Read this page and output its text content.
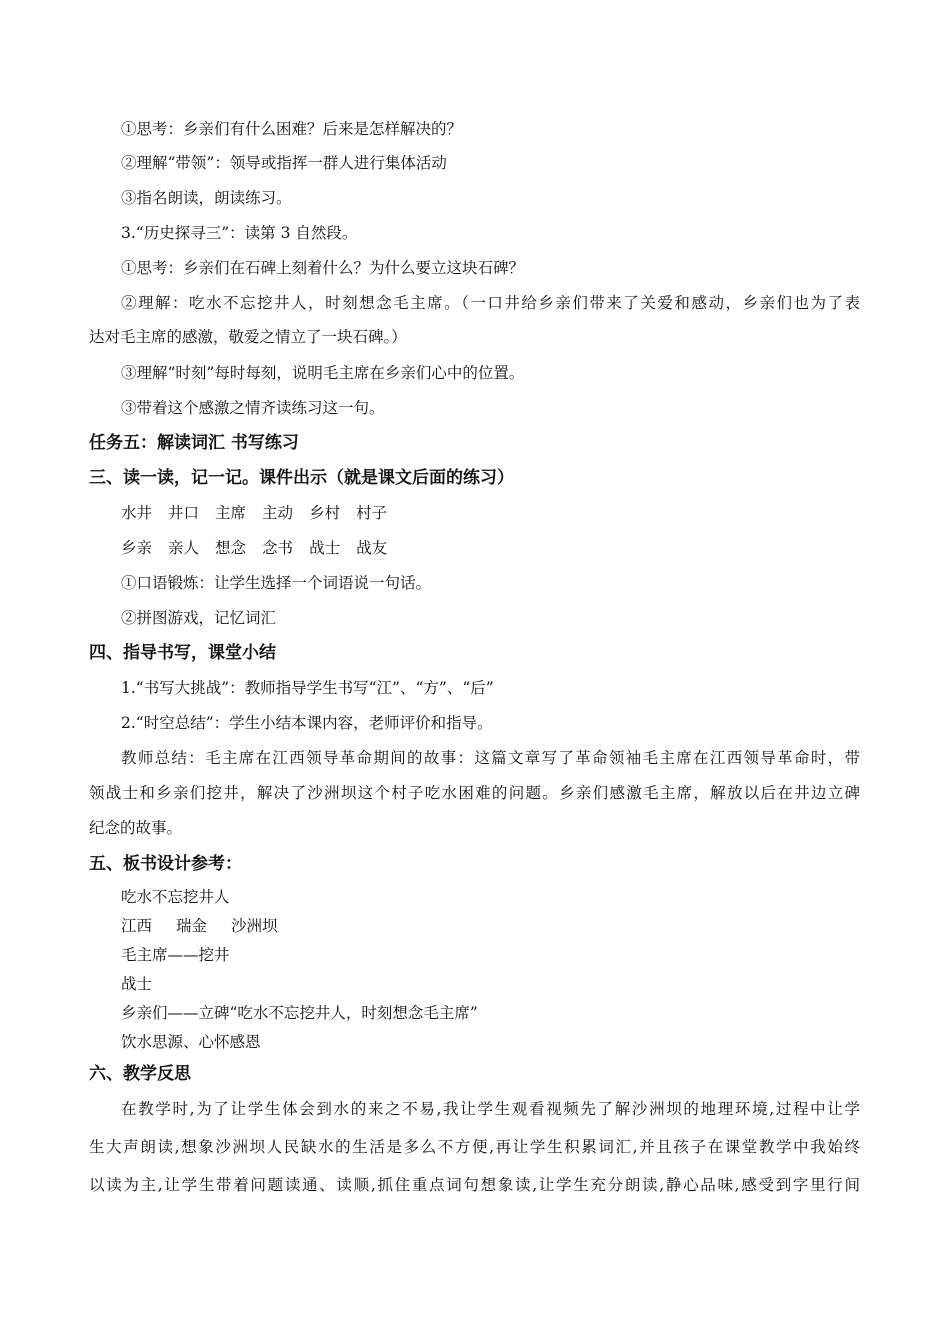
①思考：乡亲们有什么困难？后来是怎样解决的？
②理解“带领”：领导或指挥一群人进行集体活动
③指名朗读，朗读练习。
3.“历史探寻三”：读第 3 自然段。
①思考：乡亲们在石碑上刻着什么？为什么要立这块石碑？
②理解：吃水不忘挖井人，时刻想念毛主席。（一口井给乡亲们带来了关爱和感动，乡亲们也为了表
达对毛主席的感激，敬爱之情立了一块石碑。）
③理解“时刻”每时每刻，说明毛主席在乡亲们心中的位置。
③带着这个感激之情齐读练习这一句。
任务五：解读词汇 书写练习
三、读一读，记一记。课件出示（就是课文后面的练习）
水井 井口 主席 主动 乡村 村子
乡亲 亲人 想念 念书 战士 战友
①口语锻炼：让学生选择一个词语说一句话。
②拼图游戏，记忆词汇
四、指导书写，课堂小结
1.“书写大挑战”：教师指导学生书写“江”、“方”、“后”
2.“时空总结”：学生小结本课内容，老师评价和指导。
教师总结：毛主席在江西领导革命期间的故事：这篇文章写了革命领袖毛主席在江西领导革命时，带
领战士和乡亲们挖井，解决了沙洲坝这个村子吃水困难的问题。乡亲们感激毛主席，解放以后在井边立碑
纪念的故事。
五、板书设计参考：
吃水不忘挖井人
江西 瑞金 沙洲坝
毛主席——挖井
战士
乡亲们——立碑“吃水不忘挖井人，时刻想念毛主席”
饮水思源、心怀感恩
六、教学反思
在教学时,为了让学生体会到水的来之不易,我让学生观看视频先了解沙洲坝的地理环境,过程中让学
生大声朗读,想象沙洲坝人民缺水的生活是多么不方便,再让学生积累词汇,并且孩子在课堂教学中我始终
以读为主,让学生带着问题读通、读顺,抓住重点词句想象读,让学生充分朗读,静心品味,感受到字里行间
